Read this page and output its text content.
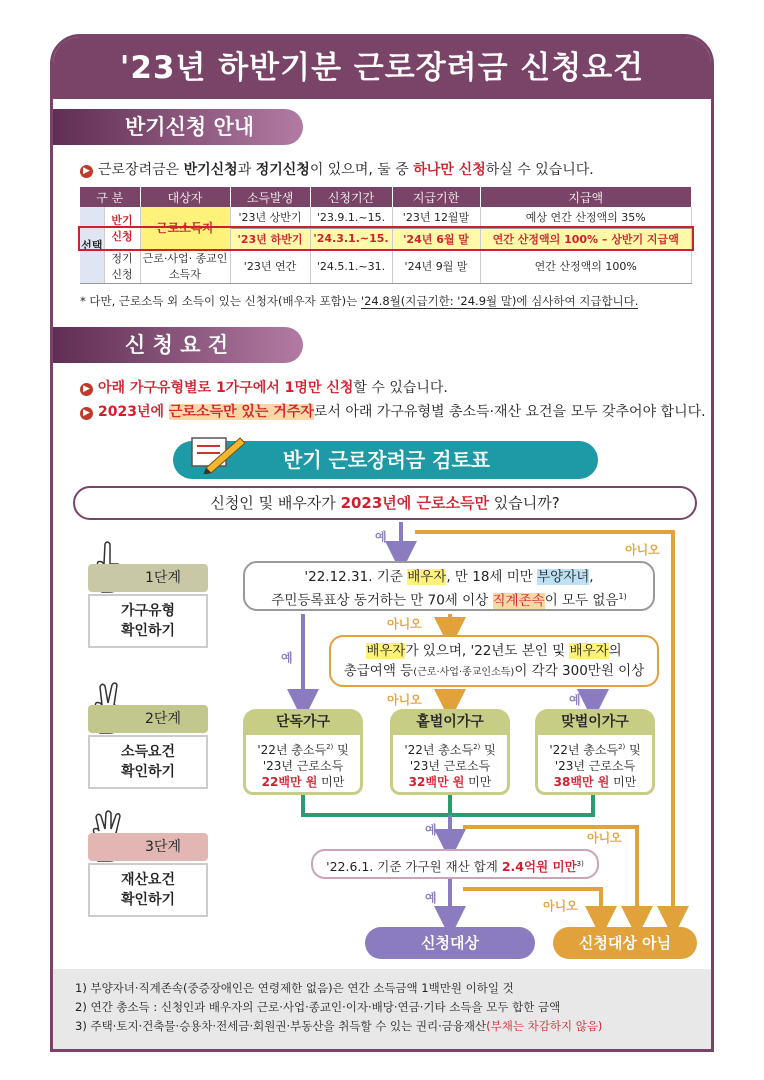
'23년 하반기분 근로장려금 신청요건
반기신청 안내
▶ 근로장려금은 반기신청과 정기신청이 있으며, 둘 중 하나만 신청하실 수 있습니다.
구 분		대상자	소득발생	신청기간	지급기한	지급액
선택	반기 신청	근로소득자	'23년 상반기	'23.9.1.~15.	'23년 12월말	예상 연간 산정액의 35%
			'23년 하반기	'24.3.1.~15.	'24년 6월 말	연간 산정액의 100% – 상반기 지급액
	정기 신청	근로·사업· 종교인소득자	'23년 연간	'24.5.1.~31.	'24년 9월 말	연간 산정액의 100%
* 다만, 근로소득 외 소득이 있는 신청자(배우자 포함)는 '24.8월(지급기한: '24.9월 말)에 심사하여 지급합니다.
신 청 요 건
▶ 아래 가구유형별로 1가구에서 1명만 신청할 수 있습니다.
▶ 2023년에 근로소득만 있는 거주자로서 아래 가구유형별 총소득·재산 요건을 모두 갖추어야 합니다.
반기 근로장려금 검토표
신청인 및 배우자가 2023년에 근로소득만 있습니까?
예
아니오
예
아니오
아니오	예
예
아니오
예
아니오
1단계
가구유형
확인하기
2단계
소득요건
확인하기
3단계
재산요건
확인하기
'22.12.31. 기준 배우자, 만 18세 미만 부양자녀,
주민등록표상 동거하는 만 70세 이상 직계존속이 모두 없음$^{1)}$
배우자가 있으며, '22년도 본인 및 배우자의
총급여액 등(근로·사업·종교인소득)이 각각 300만원 이상
단독가구
'22년 총소득$^{2)}$ 및
'23년 근로소득
22백만 원 미만
홑벌이가구
'22년 총소득$^{2)}$ 및
'23년 근로소득
32백만 원 미만
맞벌이가구
'22년 총소득$^{2)}$ 및
'23년 근로소득
38백만 원 미만
'22.6.1. 기준 가구원 재산 합계 2.4억원 미만$^{3)}$
신청대상	신청대상 아님
1) 부양자녀·직계존속(중증장애인은 연령제한 없음)은 연간 소득금액 1백만원 이하일 것
2) 연간 총소득 : 신청인과 배우자의 근로·사업·종교인·이자·배당·연금·기타 소득을 모두 합한 금액
3) 주택·토지·건축물·승용차·전세금·회원권·부동산을 취득할 수 있는 권리·금융재산(부채는 차감하지 않음)
